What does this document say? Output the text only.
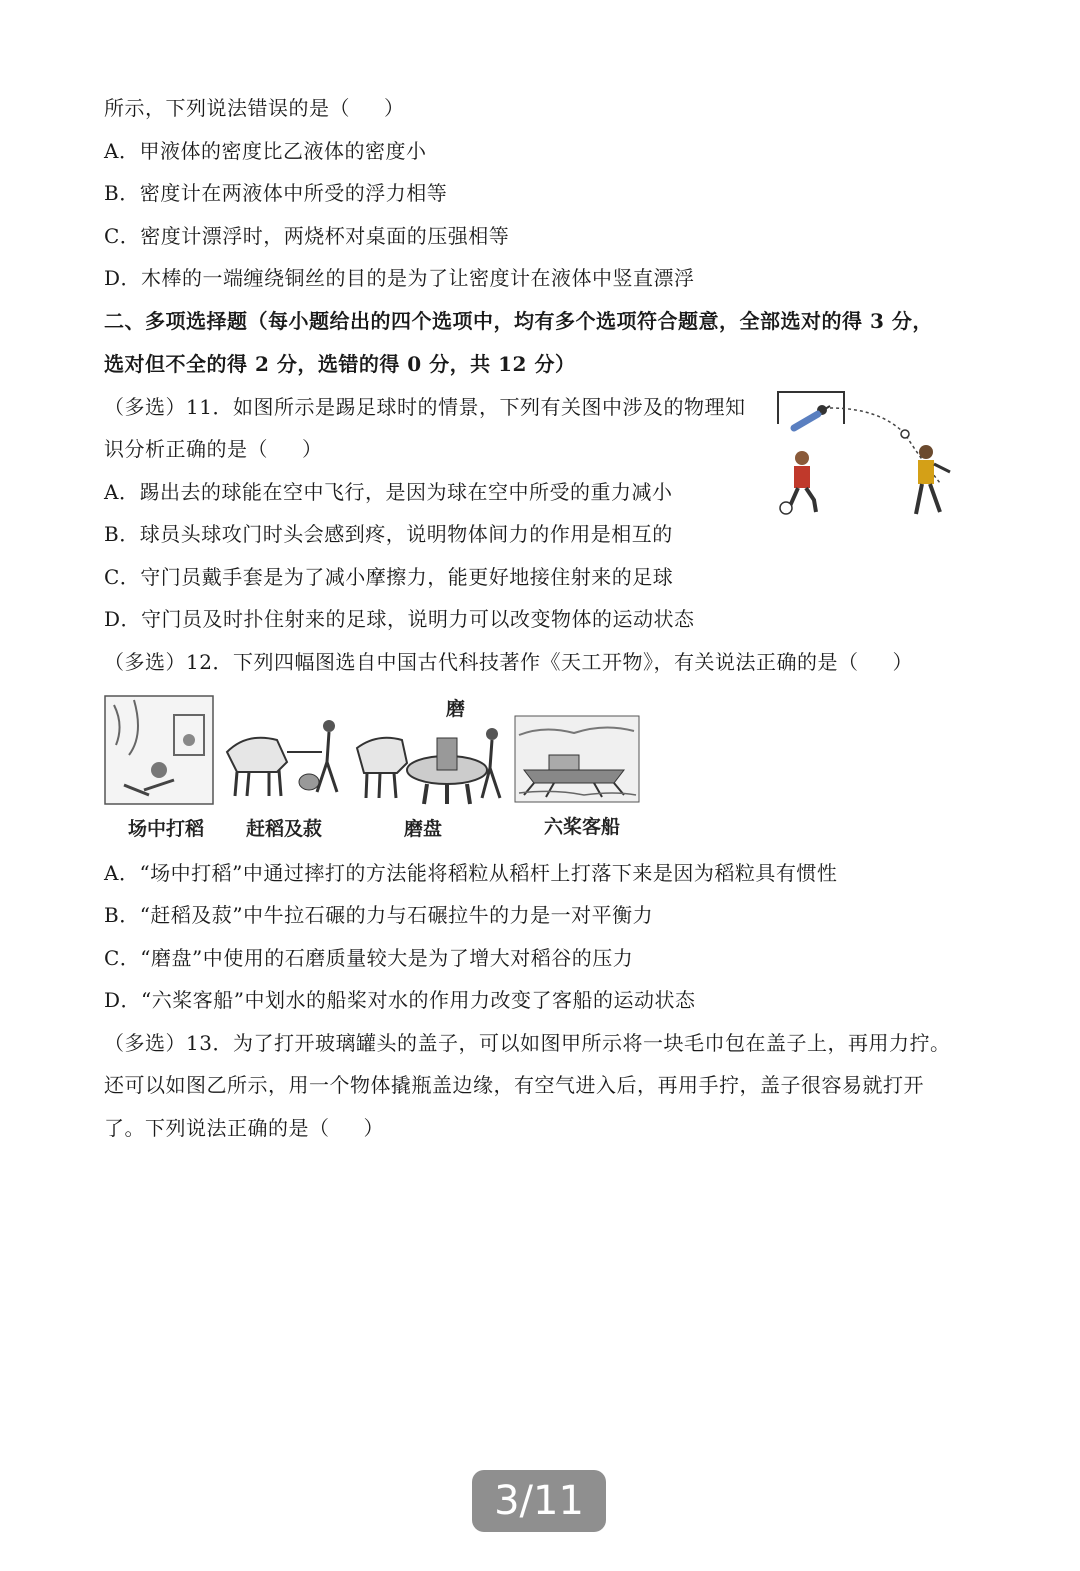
所示，下列说法错误的是（ ）
A．甲液体的密度比乙液体的密度小
B．密度计在两液体中所受的浮力相等
C．密度计漂浮时，两烧杯对桌面的压强相等
D．木棒的一端缠绕铜丝的目的是为了让密度计在液体中竖直漂浮
二、多项选择题（每小题给出的四个选项中，均有多个选项符合题意，全部选对的得 3 分，
选对但不全的得 2 分，选错的得 0 分，共 12 分）
（多选）11．如图所示是踢足球时的情景，下列有关图中涉及的物理知
识分析正确的是（ ）
A．踢出去的球能在空中飞行，是因为球在空中所受的重力减小
B．球员头球攻门时头会感到疼，说明物体间力的作用是相互的
C．守门员戴手套是为了减小摩擦力，能更好地接住射来的足球
D．守门员及时扑住射来的足球，说明力可以改变物体的运动状态
（多选）12．下列四幅图选自中国古代科技著作《天工开物》，有关说法正确的是（ ）
磨
场中打稻 赶稻及菽	磨盘	六桨客船
A．“场中打稻”中通过摔打的方法能将稻粒从稻杆上打落下来是因为稻粒具有惯性
B．“赶稻及菽”中牛拉石碾的力与石碾拉牛的力是一对平衡力
C．“磨盘”中使用的石磨质量较大是为了增大对稻谷的压力
D．“六桨客船”中划水的船桨对水的作用力改变了客船的运动状态
（多选）13．为了打开玻璃罐头的盖子，可以如图甲所示将一块毛巾包在盖子上，再用力拧。
还可以如图乙所示，用一个物体撬瓶盖边缘，有空气进入后，再用手拧，盖子很容易就打开
了。下列说法正确的是（ ）
3/11
